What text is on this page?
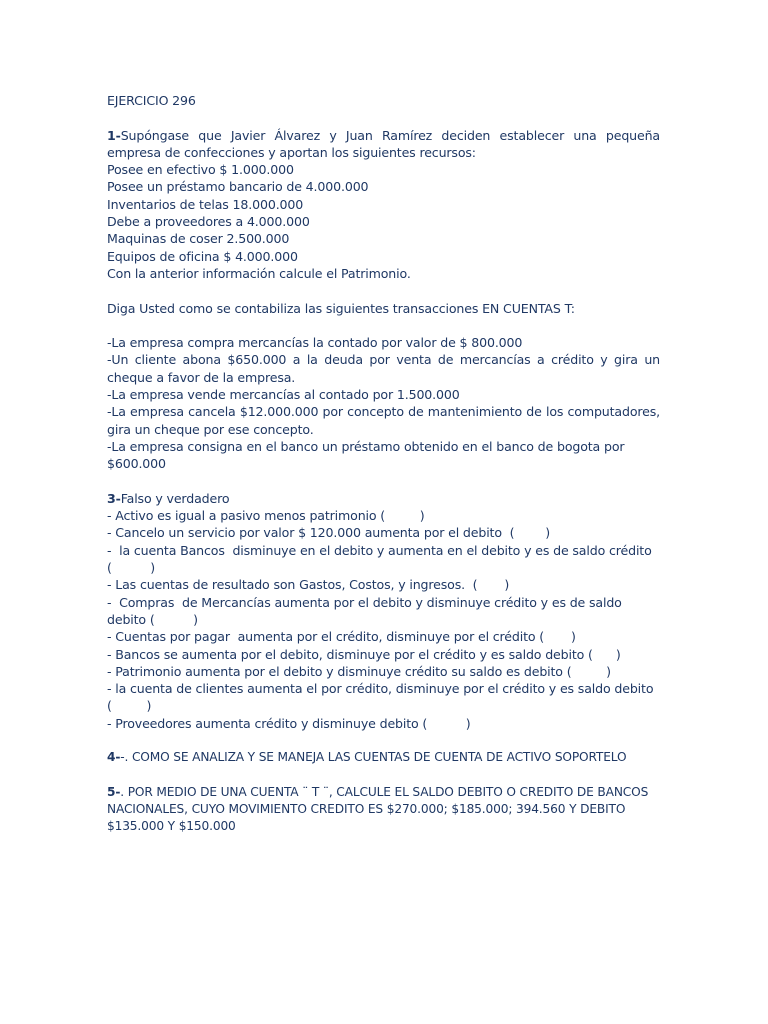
EJERCICIO 296

1-Supóngase que Javier Álvarez y Juan Ramírez deciden establecer una pequeña empresa de confecciones y aportan los siguientes recursos:

Posee en efectivo $ 1.000.000
Posee un préstamo bancario de 4.000.000
Inventarios de telas 18.000.000
Debe a proveedores a 4.000.000
Maquinas de coser 2.500.000
Equipos de oficina $ 4.000.000
Con la anterior información calcule el Patrimonio.

Diga Usted como se contabiliza las siguientes transacciones EN CUENTAS T:

-La empresa compra mercancías la contado por valor de $ 800.000

-Un cliente abona $650.000 a la deuda por venta de mercancías a crédito y gira un cheque a favor de la empresa.

-La empresa vende mercancías al contado por 1.500.000

-La empresa cancela $12.000.000 por concepto de mantenimiento de los computadores, gira un cheque por ese concepto.

-La empresa consigna en el banco un préstamo obtenido en el banco de bogota por $600.000

3-Falso y verdadero

- Activo es igual a pasivo menos patrimonio (         )
- Cancelo un servicio por valor $ 120.000 aumenta por el debito  (        )
-  la cuenta Bancos  disminuye en el debito y aumenta en el debito y es de saldo crédito  (          )
- Las cuentas de resultado son Gastos, Costos, y ingresos.  (       )
-  Compras  de Mercancías aumenta por el debito y disminuye crédito y es de saldo debito (          )
- Cuentas por pagar  aumenta por el crédito, disminuye por el crédito (       )
- Bancos se aumenta por el debito, disminuye por el crédito y es saldo debito (      )
- Patrimonio aumenta por el debito y disminuye crédito su saldo es debito (         )
- la cuenta de clientes aumenta el por crédito, disminuye por el crédito y es saldo debito     (         )
- Proveedores aumenta crédito y disminuye debito (          )

4--. COMO SE ANALIZA Y SE MANEJA LAS CUENTAS DE CUENTA DE ACTIVO SOPORTELO

5-. POR MEDIO DE UNA CUENTA ¨ T ¨, CALCULE EL SALDO DEBITO O CREDITO DE BANCOS NACIONALES, CUYO MOVIMIENTO CREDITO ES $270.000; $185.000; 394.560 Y DEBITO $135.000 Y $150.000
